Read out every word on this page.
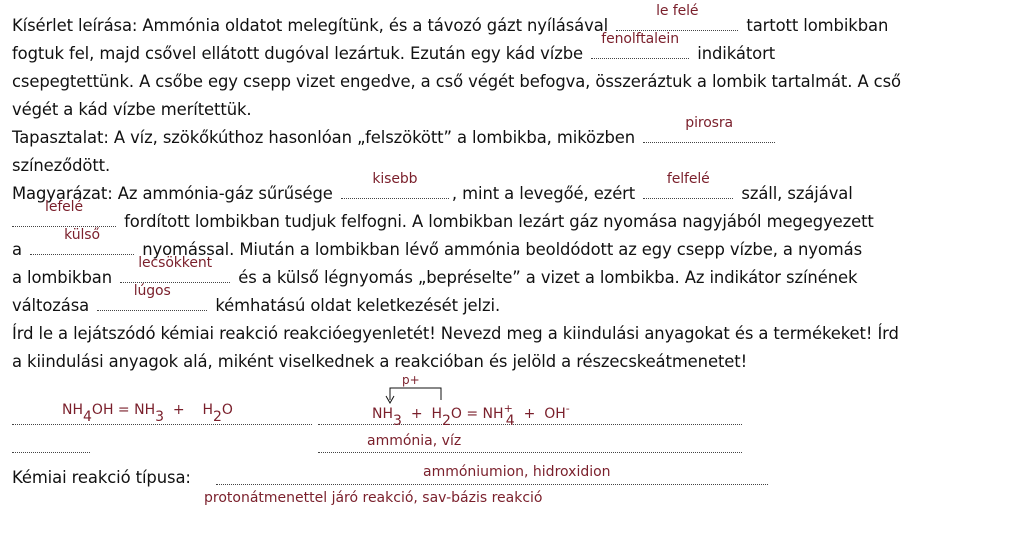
Kísérlet leírása: Ammónia oldatot melegítünk, és a távozó gázt nyílásával
le felé
tartott lombikban

fogtuk fel, majd csővel ellátott dugóval lezártuk. Ezután egy kád vízbe
fenolftalein
indikátort

csepegtettünk. A csőbe egy csepp vizet engedve, a cső végét befogva, összeráztuk a lombik tartalmát. A cső

végét a kád vízbe merítettük.

Tapasztalat: A víz, szökőkúthoz hasonlóan „felszökött” a lombikba, miközben
pirosra

színeződött.

Magyarázat: Az ammónia-gáz sűrűsége
kisebb
, mint a levegőé, ezért
felfelé
száll, szájával

lefelé
fordított lombikban tudjuk felfogni. A lombikban lezárt gáz nyomása nagyjából megegyezett

a
külső
nyomással. Miután a lombikban lévő ammónia beoldódott az egy csepp vízbe, a nyomás

a lombikban
lecsökkent
és a külső légnyomás „bepréselte” a vizet a lombikba. Az indikátor színének

változása
lúgos
kémhatású oldat keletkezését jelzi.

Írd le a lejátszódó kémiai reakció reakcióegyenletét! Nevezd meg a kiindulási anyagokat és a termékeket! Írd

a kiindulási anyagok alá, miként viselkednek a reakcióban és jelöld a részecskeátmenetet!

NH4OH = NH3  +    H2O
p+
NH3  +  H2O = NH+4  +  OH-
ammónia, víz
ammóniumion, hidroxidion

Kémiai reakció típusa:

protonátmenettel járó reakció, sav-bázis reakció
